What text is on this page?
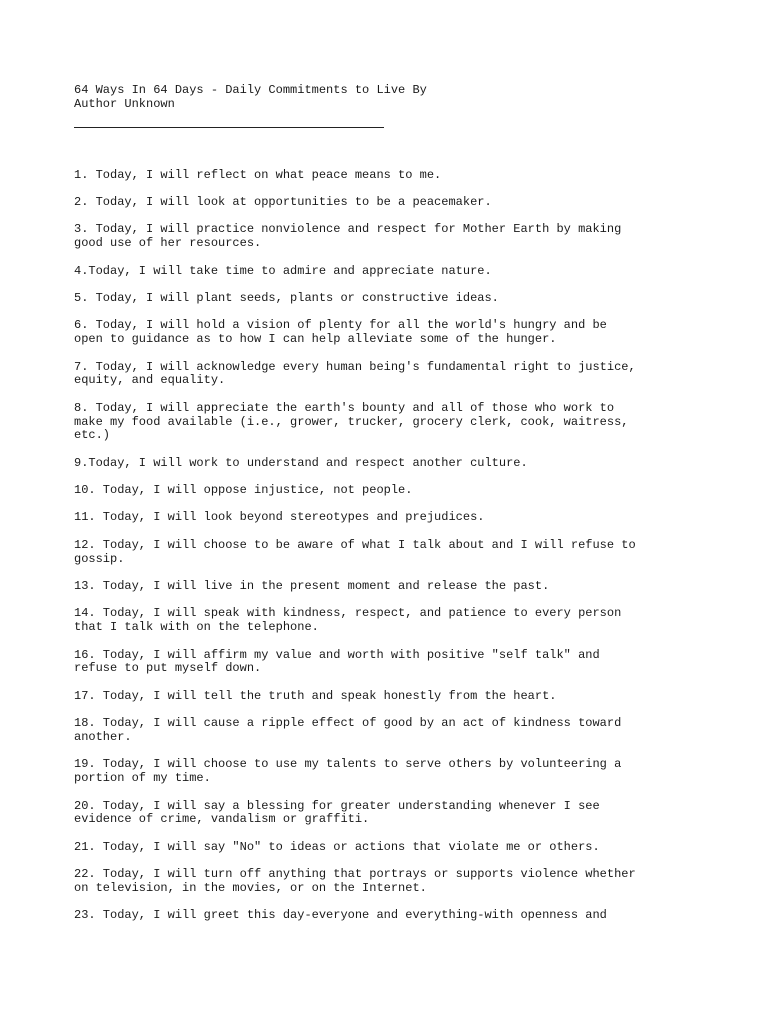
64 Ways In 64 Days - Daily Commitments to Live By
Author Unknown
1. Today, I will reflect on what peace means to me.
2. Today, I will look at opportunities to be a peacemaker.
3. Today, I will practice nonviolence and respect for Mother Earth by making
good use of her resources.
4.Today, I will take time to admire and appreciate nature.
5. Today, I will plant seeds, plants or constructive ideas.
6. Today, I will hold a vision of plenty for all the world's hungry and be
open to guidance as to how I can help alleviate some of the hunger.
7. Today, I will acknowledge every human being's fundamental right to justice,
equity, and equality.
8. Today, I will appreciate the earth's bounty and all of those who work to
make my food available (i.e., grower, trucker, grocery clerk, cook, waitress,
etc.)
9.Today, I will work to understand and respect another culture.
10. Today, I will oppose injustice, not people.
11. Today, I will look beyond stereotypes and prejudices.
12. Today, I will choose to be aware of what I talk about and I will refuse to
gossip.
13. Today, I will live in the present moment and release the past.
14. Today, I will speak with kindness, respect, and patience to every person
that I talk with on the telephone.
16. Today, I will affirm my value and worth with positive "self talk" and
refuse to put myself down.
17. Today, I will tell the truth and speak honestly from the heart.
18. Today, I will cause a ripple effect of good by an act of kindness toward
another.
19. Today, I will choose to use my talents to serve others by volunteering a
portion of my time.
20. Today, I will say a blessing for greater understanding whenever I see
evidence of crime, vandalism or graffiti.
21. Today, I will say "No" to ideas or actions that violate me or others.
22. Today, I will turn off anything that portrays or supports violence whether
on television, in the movies, or on the Internet.
23. Today, I will greet this day-everyone and everything-with openness and
